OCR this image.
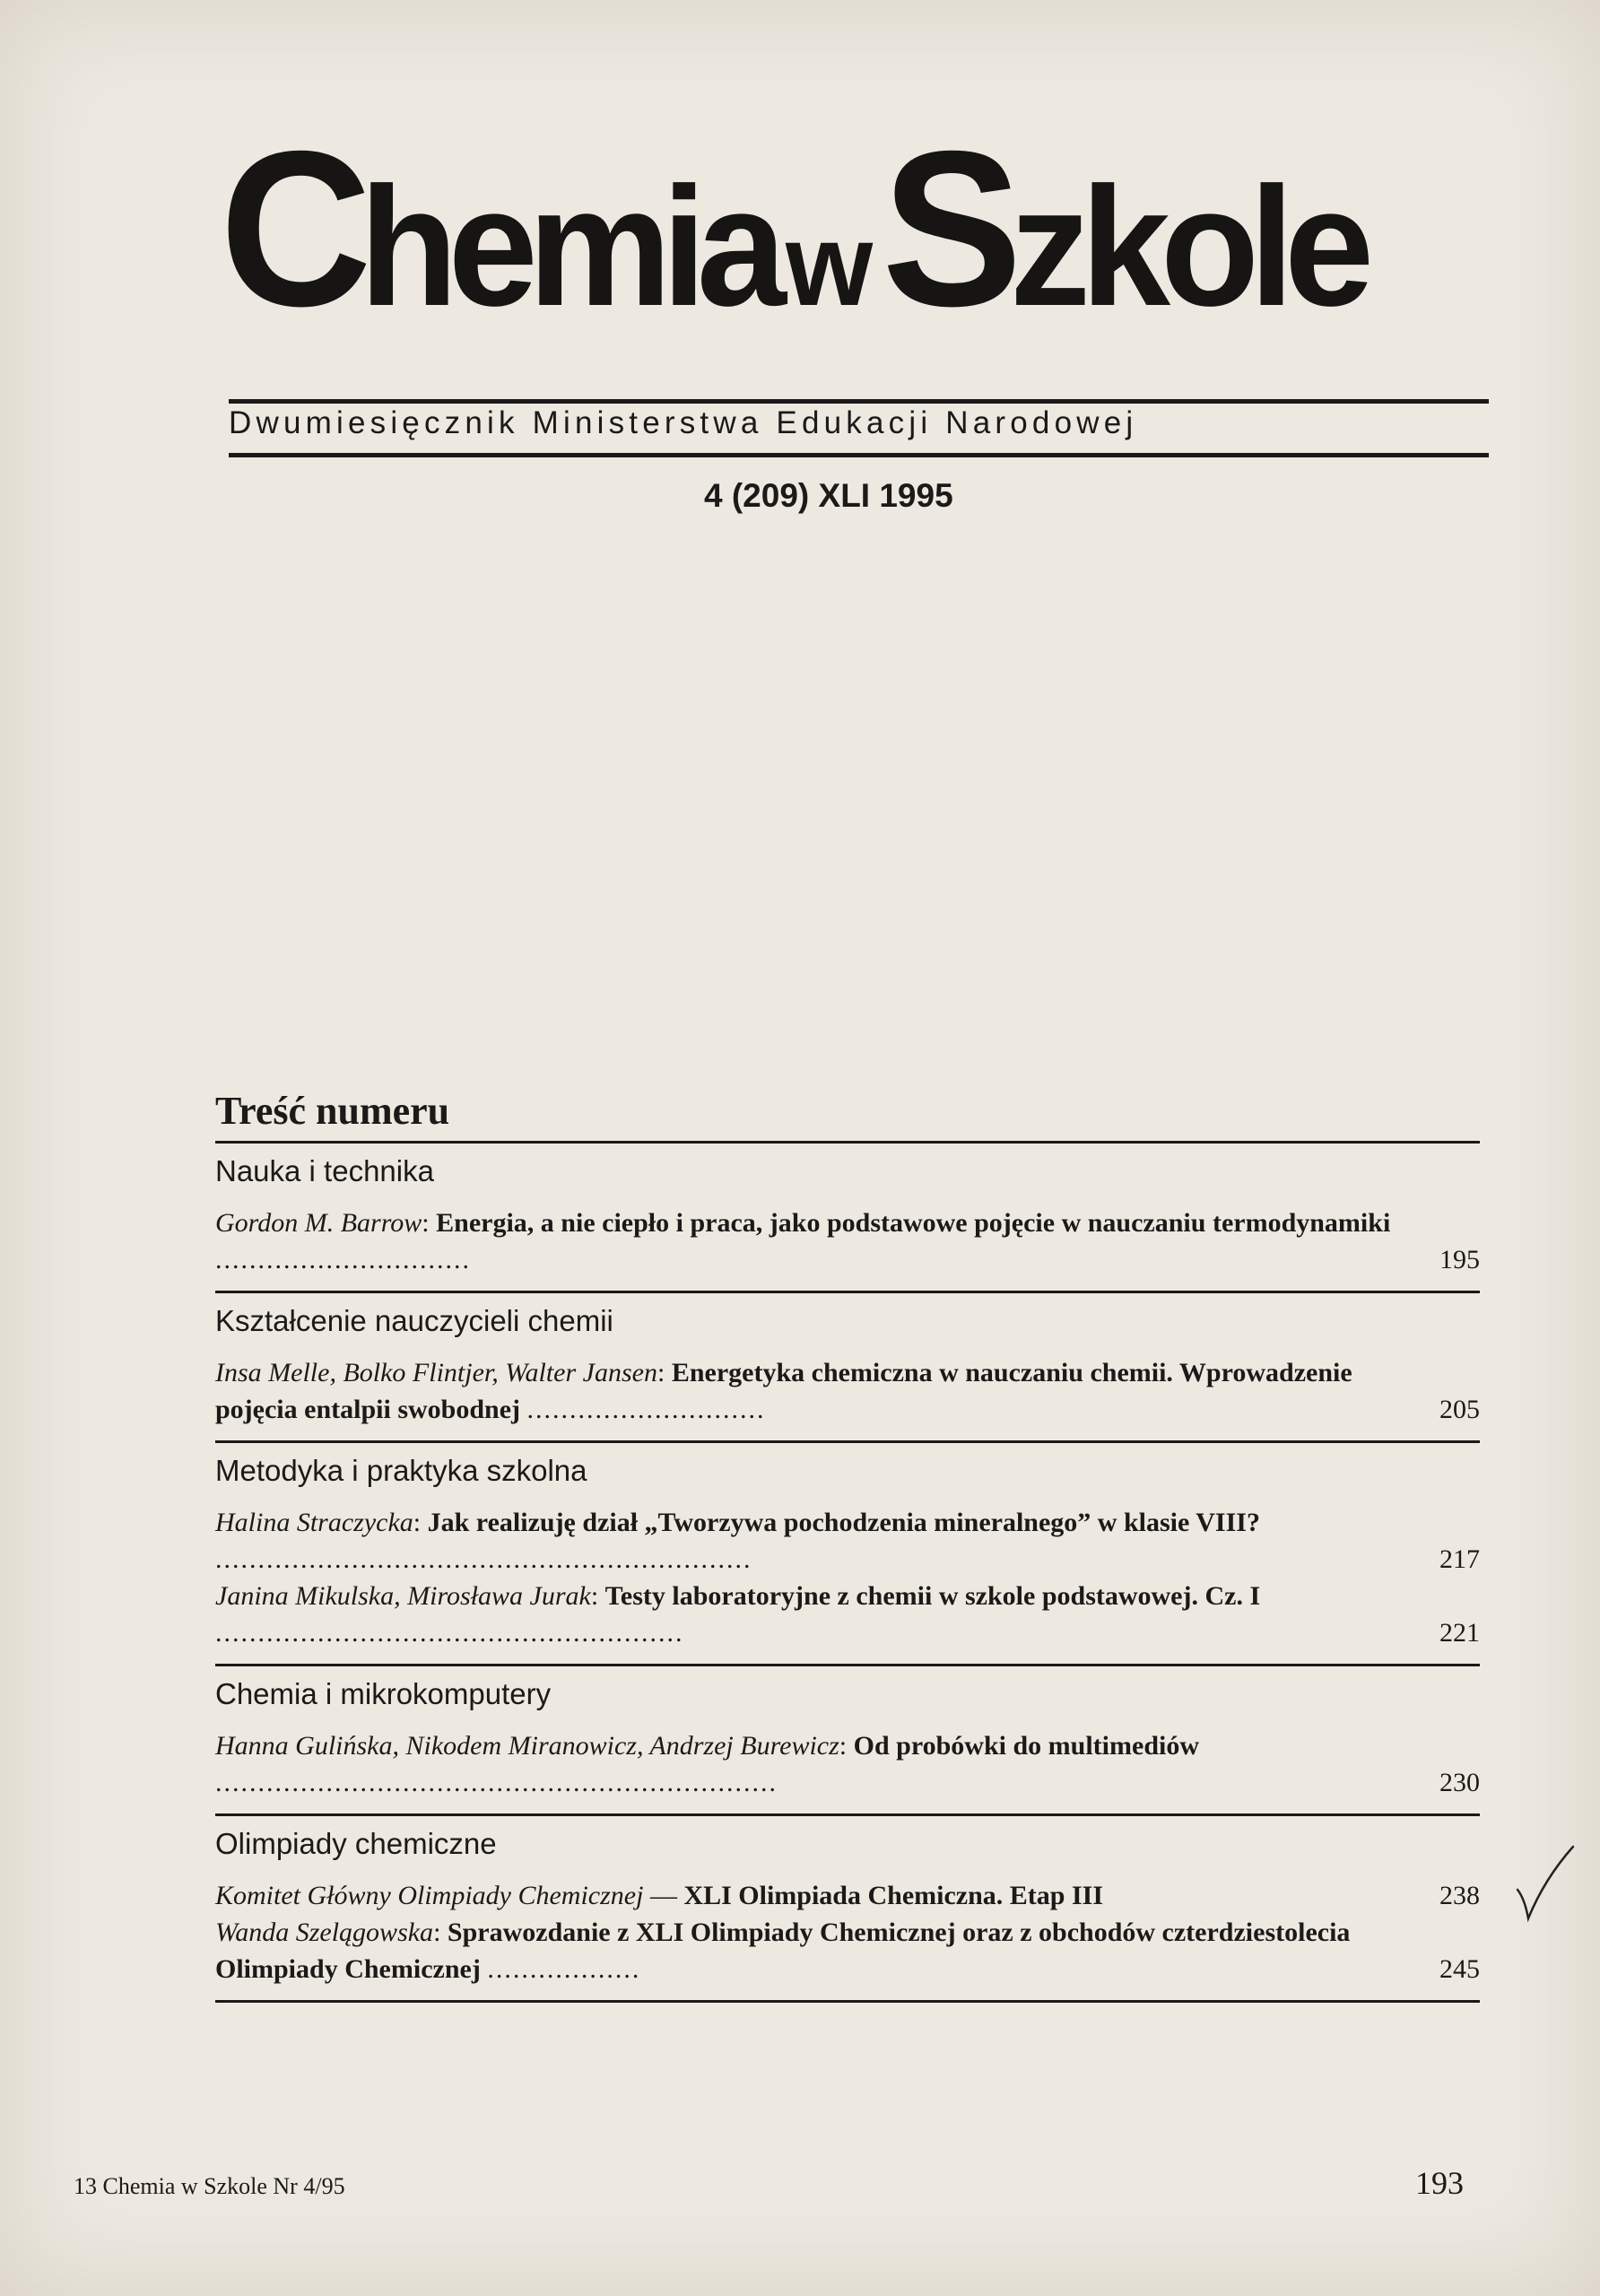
ChemiawSzkole
Dwumiesięcznik Ministerstwa Edukacji Narodowej
4 (209) XLI 1995
Treść numeru
Nauka i technika
Gordon M. Barrow: Energia, a nie ciepło i praca, jako podstawowe pojęcie w nauczaniu termodynamiki ..............................	195
Kształcenie nauczycieli chemii
Insa Melle, Bolko Flintjer, Walter Jansen: Energetyka chemiczna w nauczaniu chemii. Wprowadzenie pojęcia entalpii swobodnej ............................	205
Metodyka i praktyka szkolna
Halina Straczycka: Jak realizuję dział „Tworzywa pochodzenia mineralnego” w klasie VIII? ...............................................................	217
Janina Mikulska, Mirosława Jurak: Testy laboratoryjne z chemii w szkole podstawowej. Cz. I .......................................................	221
Chemia i mikrokomputery
Hanna Gulińska, Nikodem Miranowicz, Andrzej Burewicz: Od probówki do multimediów ..................................................................	230
Olimpiady chemiczne
Komitet Główny Olimpiady Chemicznej — XLI Olimpiada Chemiczna. Etap III	238
Wanda Szelągowska: Sprawozdanie z XLI Olimpiady Chemicznej oraz z obchodów czterdziestolecia Olimpiady Chemicznej ..................	245
13 Chemia w Szkole Nr 4/95	193
